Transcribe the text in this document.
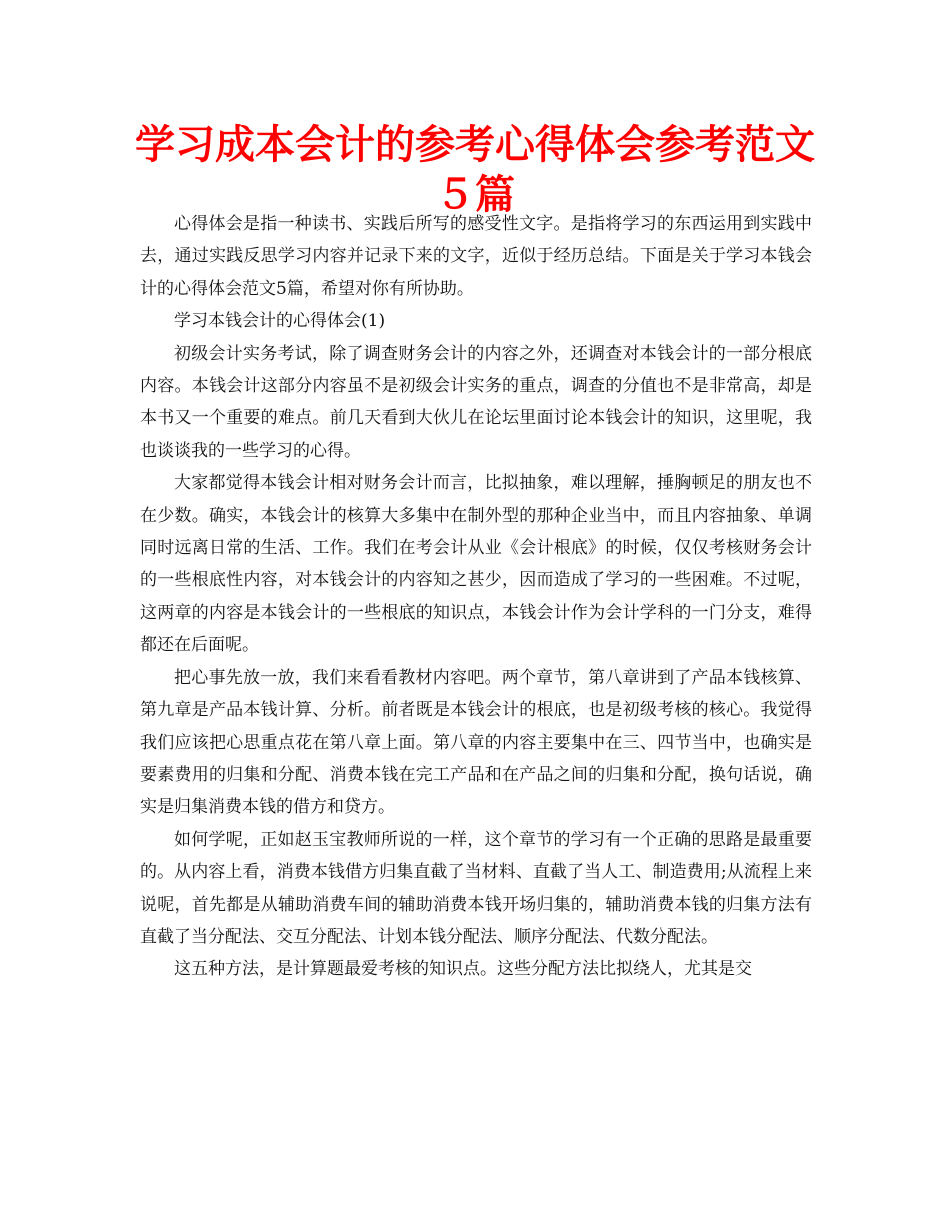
学习成本会计的参考心得体会参考范文５篇

心得体会是指一种读书、实践后所写的感受性文字。是指将学习的东西运用到实践中去，通过实践反思学习内容并记录下来的文字，近似于经历总结。下面是关于学习本钱会计的心得体会范文5篇，希望对你有所协助。

学习本钱会计的心得体会(1)

初级会计实务考试，除了调查财务会计的内容之外，还调查对本钱会计的一部分根底内容。本钱会计这部分内容虽不是初级会计实务的重点，调查的分值也不是非常高，却是本书又一个重要的难点。前几天看到大伙儿在论坛里面讨论本钱会计的知识，这里呢，我也谈谈我的一些学习的心得。

大家都觉得本钱会计相对财务会计而言，比拟抽象，难以理解，捶胸顿足的朋友也不在少数。确实，本钱会计的核算大多集中在制外型的那种企业当中，而且内容抽象、单调同时远离日常的生活、工作。我们在考会计从业《会计根底》的时候，仅仅考核财务会计的一些根底性内容，对本钱会计的内容知之甚少，因而造成了学习的一些困难。不过呢，这两章的内容是本钱会计的一些根底的知识点，本钱会计作为会计学科的一门分支，难得都还在后面呢。

把心事先放一放，我们来看看教材内容吧。两个章节，第八章讲到了产品本钱核算、第九章是产品本钱计算、分析。前者既是本钱会计的根底，也是初级考核的核心。我觉得我们应该把心思重点花在第八章上面。第八章的内容主要集中在三、四节当中，也确实是要素费用的归集和分配、消费本钱在完工产品和在产品之间的归集和分配，换句话说，确实是归集消费本钱的借方和贷方。

如何学呢，正如赵玉宝教师所说的一样，这个章节的学习有一个正确的思路是最重要的。从内容上看，消费本钱借方归集直截了当材料、直截了当人工、制造费用;从流程上来说呢，首先都是从辅助消费车间的辅助消费本钱开场归集的，辅助消费本钱的归集方法有直截了当分配法、交互分配法、计划本钱分配法、顺序分配法、代数分配法。

这五种方法，是计算题最爱考核的知识点。这些分配方法比拟绕人，尤其是交
